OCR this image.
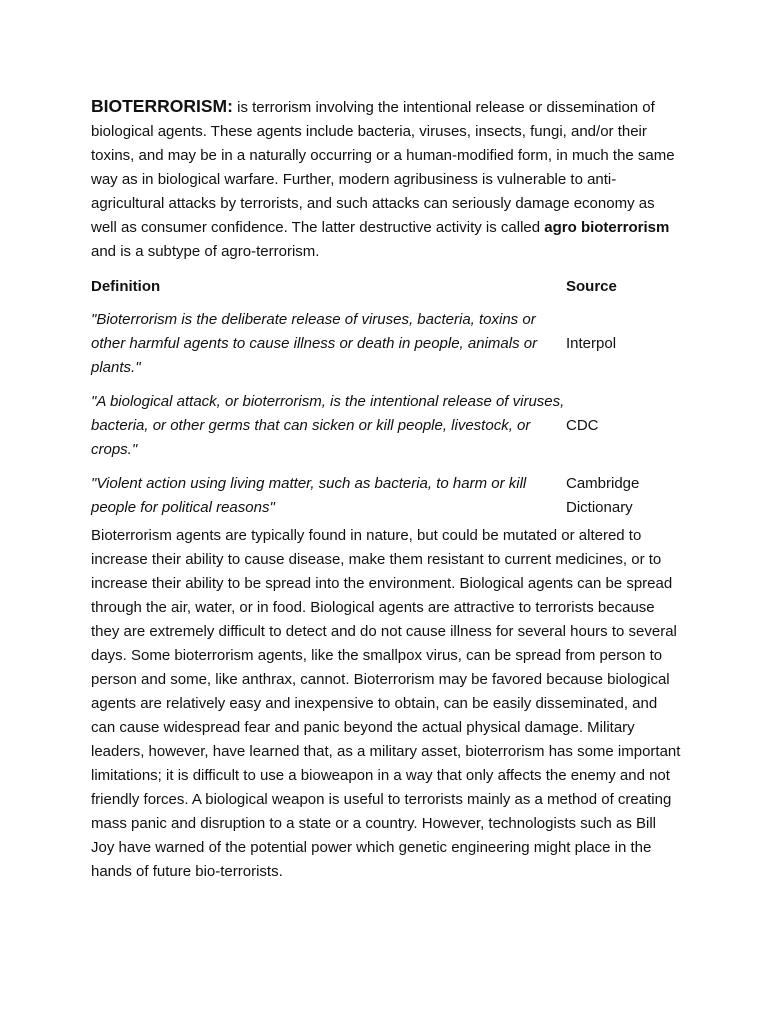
BIOTERRORISM: is terrorism involving the intentional release or dissemination of biological agents. These agents include bacteria, viruses, insects, fungi, and/or their toxins, and may be in a naturally occurring or a human-modified form, in much the same way as in biological warfare. Further, modern agribusiness is vulnerable to anti-agricultural attacks by terrorists, and such attacks can seriously damage economy as well as consumer confidence. The latter destructive activity is called agro bioterrorism and is a subtype of agro-terrorism.

Definition	Source
"Bioterrorism is the deliberate release of viruses, bacteria, toxins or other harmful agents to cause illness or death in people, animals or plants."
Interpol
"A biological attack, or bioterrorism, is the intentional release of viruses, bacteria, or other germs that can sicken or kill people, livestock, or crops."
CDC
"Violent action using living matter, such as bacteria, to harm or kill people for political reasons"
Cambridge Dictionary

Bioterrorism agents are typically found in nature, but could be mutated or altered to increase their ability to cause disease, make them resistant to current medicines, or to increase their ability to be spread into the environment. Biological agents can be spread through the air, water, or in food. Biological agents are attractive to terrorists because they are extremely difficult to detect and do not cause illness for several hours to several days. Some bioterrorism agents, like the smallpox virus, can be spread from person to person and some, like anthrax, cannot. Bioterrorism may be favored because biological agents are relatively easy and inexpensive to obtain, can be easily disseminated, and can cause widespread fear and panic beyond the actual physical damage. Military leaders, however, have learned that, as a military asset, bioterrorism has some important limitations; it is difficult to use a bioweapon in a way that only affects the enemy and not friendly forces. A biological weapon is useful to terrorists mainly as a method of creating mass panic and disruption to a state or a country. However, technologists such as Bill Joy have warned of the potential power which genetic engineering might place in the hands of future bio-terrorists.
